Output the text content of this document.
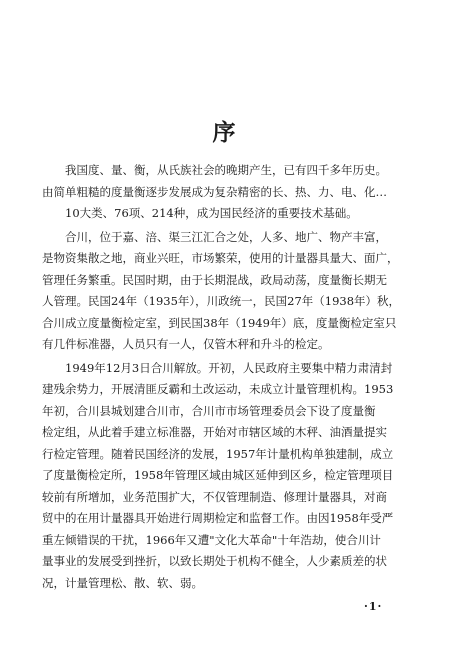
序
我国度、量、衡，从氏族社会的晚期产生，已有四千多年历史。
由简单粗糙的度量衡逐步发展成为复杂精密的长、热、力、电、化…
10大类、76项、214种，成为国民经济的重要技术基础。
合川，位于嘉、涪、渠三江汇合之处，人多、地广、物产丰富，
是物资集散之地，商业兴旺，市场繁荣，使用的计量器具量大、面广，
管理任务繁重。民国时期，由于长期混战，政局动荡，度量衡长期无
人管理。民国24年（1935年），川政统一，民国27年（1938年）秋，
合川成立度量衡检定室，到民国38年（1949年）底，度量衡检定室只
有几件标准器，人员只有一人，仅管木秤和升斗的检定。
1949年12月3日合川解放。开初，人民政府主要集中精力肃清封
建残余势力，开展清匪反霸和土改运动，未成立计量管理机构。1953
年初，合川县城划建合川市，合川市市场管理委员会下设了度量衡
检定组，从此着手建立标准器，开始对市辖区域的木秤、油酒量提实
行检定管理。随着民国经济的发展，1957年计量机构单独建制，成立
了度量衡检定所，1958年管理区域由城区延伸到区乡，检定管理项目
较前有所增加，业务范围扩大，不仅管理制造、修理计量器具，对商
贸中的在用计量器具开始进行周期检定和监督工作。由因1958年受严
重左倾错误的干扰，1966年又遭"文化大革命"十年浩劫，使合川计
量事业的发展受到挫折，以致长期处于机构不健全，人少素质差的状
况，计量管理松、散、软、弱。
·1·
